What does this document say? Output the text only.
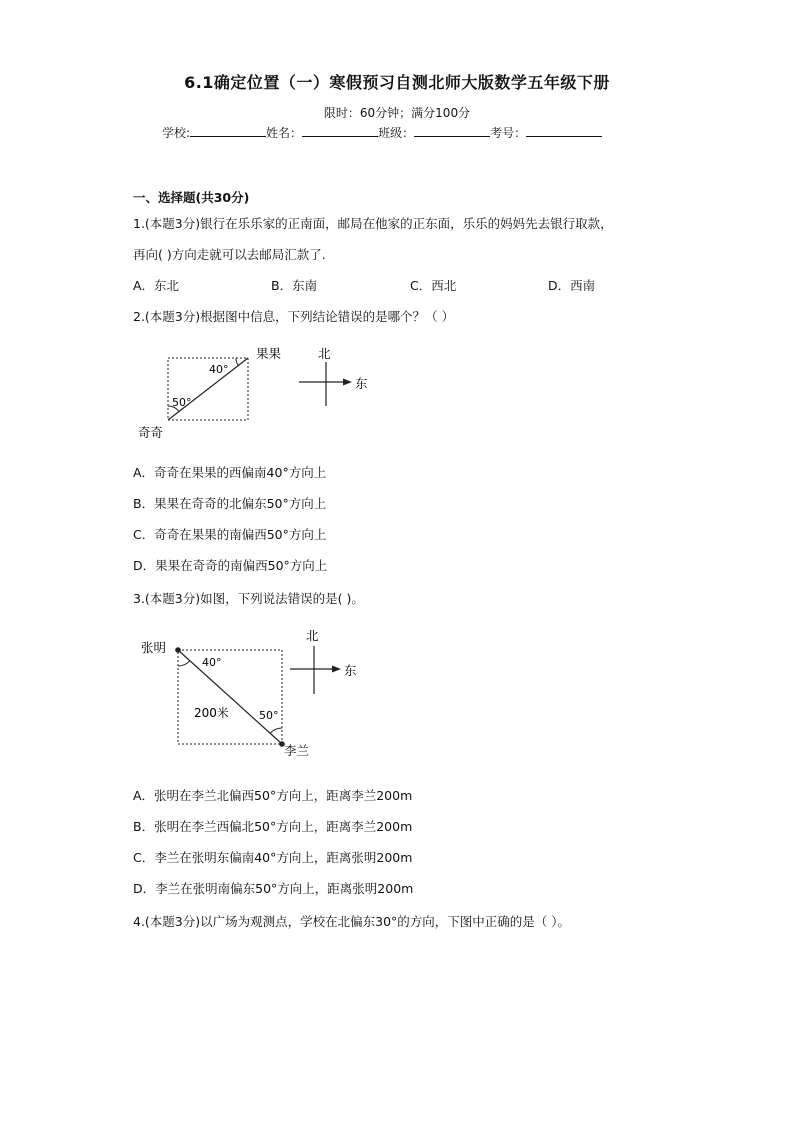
6.1确定位置（一）寒假预习自测北师大版数学五年级下册
限时：60分钟；满分100分
学校:	姓名：	班级：	考号：
一、选择题(共30分)
1.(本题3分)银行在乐乐家的正南面，邮局在他家的正东面，乐乐的妈妈先去银行取款，
再向( )方向走就可以去邮局汇款了.
A．东北	B．东南	C．西北	D．西南
2.(本题3分)根据图中信息，下列结论错误的是哪个？（ ）
40°
50°
果果
奇奇
北
东
A．奇奇在果果的西偏南40°方向上
B．果果在奇奇的北偏东50°方向上
C．奇奇在果果的南偏西50°方向上
D．果果在奇奇的南偏西50°方向上
3.(本题3分)如图，下列说法错误的是( )。
40°
50°
200米
张明
李兰
北
东
A．张明在李兰北偏西50°方向上，距离李兰200m
B．张明在李兰西偏北50°方向上，距离李兰200m
C．李兰在张明东偏南40°方向上，距离张明200m
D．李兰在张明南偏东50°方向上，距离张明200m
4.(本题3分)以广场为观测点，学校在北偏东30°的方向，下图中正确的是（ ）。
